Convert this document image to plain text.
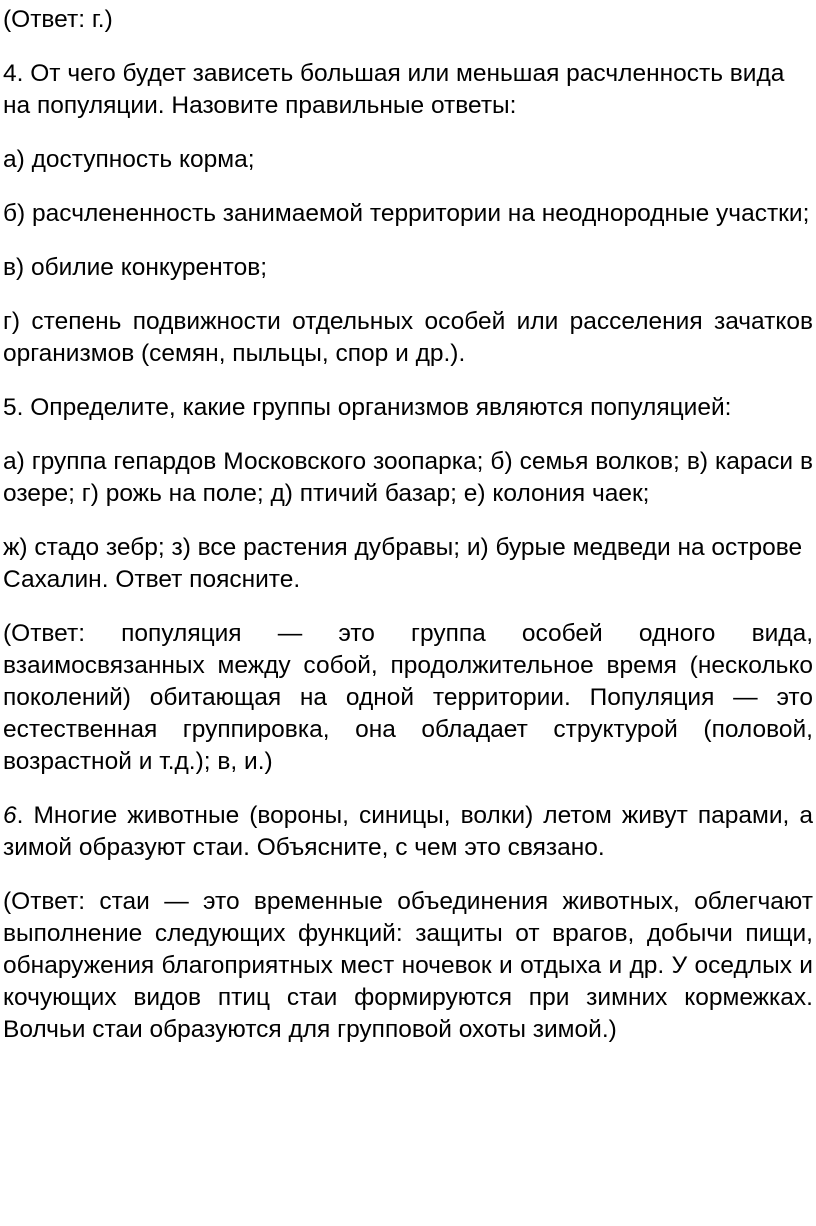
(Ответ: г.)

4. От чего будет зависеть большая или меньшая расчленность вида на популяции. Назовите правильные ответы:

а) доступность корма;

б) расчлененность занимаемой территории на неоднородные участки;

в) обилие конкурентов;

г) степень подвижности отдельных особей или расселения зачатков организмов (семян, пыльцы, спор и др.).

5. Определите, какие группы организмов являются популяцией:

а) группа гепардов Московского зоопарка; б) семья волков; в) караси в озере; г) рожь на поле; д) птичий базар; е) колония чаек;

ж) стадо зебр; з) все растения дубравы; и) бурые медведи на острове Сахалин. Ответ поясните.

(Ответ: популяция — это группа особей одного вида, взаимосвязанных между собой, продолжительное время (несколько поколений) обитающая на одной территории. Популяция — это естественная группировка, она обладает структурой (половой, возрастной и т.д.); в, и.)

6. Многие животные (вороны, синицы, волки) летом живут парами, а зимой образуют стаи. Объясните, с чем это связано.

(Ответ: стаи — это временные объединения животных, облегчают выполнение следующих функций: защиты от врагов, добычи пищи, обнаружения благоприятных мест ночевок и отдыха и др. У оседлых и кочующих видов птиц стаи формируются при зимних кормежках. Волчьи стаи образуются для групповой охоты зимой.)
